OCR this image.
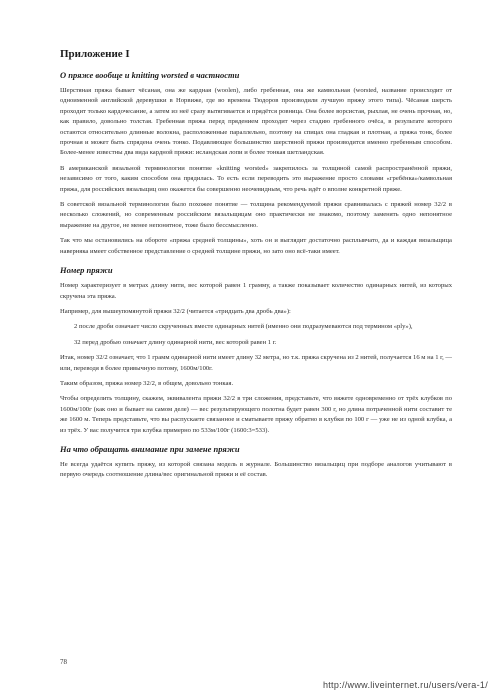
Приложение I
О пряже вообще и knitting worsted в частности

Шерстяная пряжа бывает чёсаная, она же кардная (woolen), либо гребенная, она же камвольная (worsted, название происходит от одноименной английской деревушки в Норвиже, где во времена Тюдоров производили лучшую пряжу этого типа). Чёсаная шерсть проходит только кардочесание, а затем из неё сразу вытягивается и прядётся ровница. Она более ворсистая, рыхлая, не очень прочная, но, как правило, довольно толстая. Гребенная пряжа перед прядением проходит через стадию гребенного очёса, в результате которого остаются относительно длинные волокна, расположенные параллельно, поэтому на спицах она гладкая и плотная, а пряжа тонк, более прочная и может быть спрядена очень тонко. Подавляющее большинство шерстяной пряжи производится именно гребенным способом. Более-менее известны два вида кардной пряжи: исландская лопи и более тонкая шетландская.

В американской вязальной терминологии понятие «knitting worsted» закрепилось за толщиной самой распространённой пряжи, независимо от того, каким способом она прядилась. То есть если переводить это выражение просто словами «гребёнка»/камвольная пряжа, для российских вязальщиц оно окажется бы совершенно неочевидным, что речь идёт о вполне конкретной пряже.

В советской вязальной терминологии было похожее понятие — толщина рекомендуемой пряжи сравнивалась с пряжей номер 32/2 в несколько сложений, но современным российским вязальщицам оно практически не знакомо, поэтому заменять одно непонятное выражение на другое, не менее непонятное, тоже было бессмысленно.

Так что мы остановились на обороте «пряжа средней толщины», хоть он и выглядит достаточно расплывчато, да и каждая вязальщица наверняка имеет собственное представление о средней толщине пряжи, но зато оно всё-таки имеет.

Номер пряжи

Номер характеризует в метрах длину нити, вес которой равен 1 грамму, а также показывает количество одинарных нитей, из которых скручена эта пряжа.

Например, для вышеупомянутой пряжи 32/2 (читается «тридцать два дробь два»):

2 после дроби означает число скрученных вместе одинарных нитей (именно они подразумеваются под термином «ply»),

32 перед дробью означает длину одинарной нити, вес которой равен 1 г.

Итак, номер 32/2 означает, что 1 грамм одинарной нити имеет длину 32 метра, но т.к. пряжа скручена из 2 нитей, получается 16 м на 1 г, — или, переводя в более привычную потому, 1600м/100г.

Таким образом, пряжа номер 32/2, в общем, довольно тонкая.

Чтобы определить толщину, скажем, эквивалента пряжи 32/2 в три сложения, представьте, что вяжете одновременно от трёх клубков по 1600м/100г (как оно и бывает на самом деле) — вес результирующего полотна будет равен 300 г, но длина потраченной нити составит те же 1600 м. Теперь представьте, что вы распускаете связанное и сматываете пряжу обратно в клубки по 100 г — уже не из одной клубка, а из трёх. У вас получится три клубка примерно по 533м/100г (1600:3=533).

На что обращать внимание при замене пряжи

Не всегда удаётся купить пряжу, из которой связана модель в журнале. Большинство вязальщиц при подборе аналогов учитывают в первую очередь соотношение длина/вес оригинальной пряжи и её состав.

78
http://www.liveinternet.ru/users/vera-1/
